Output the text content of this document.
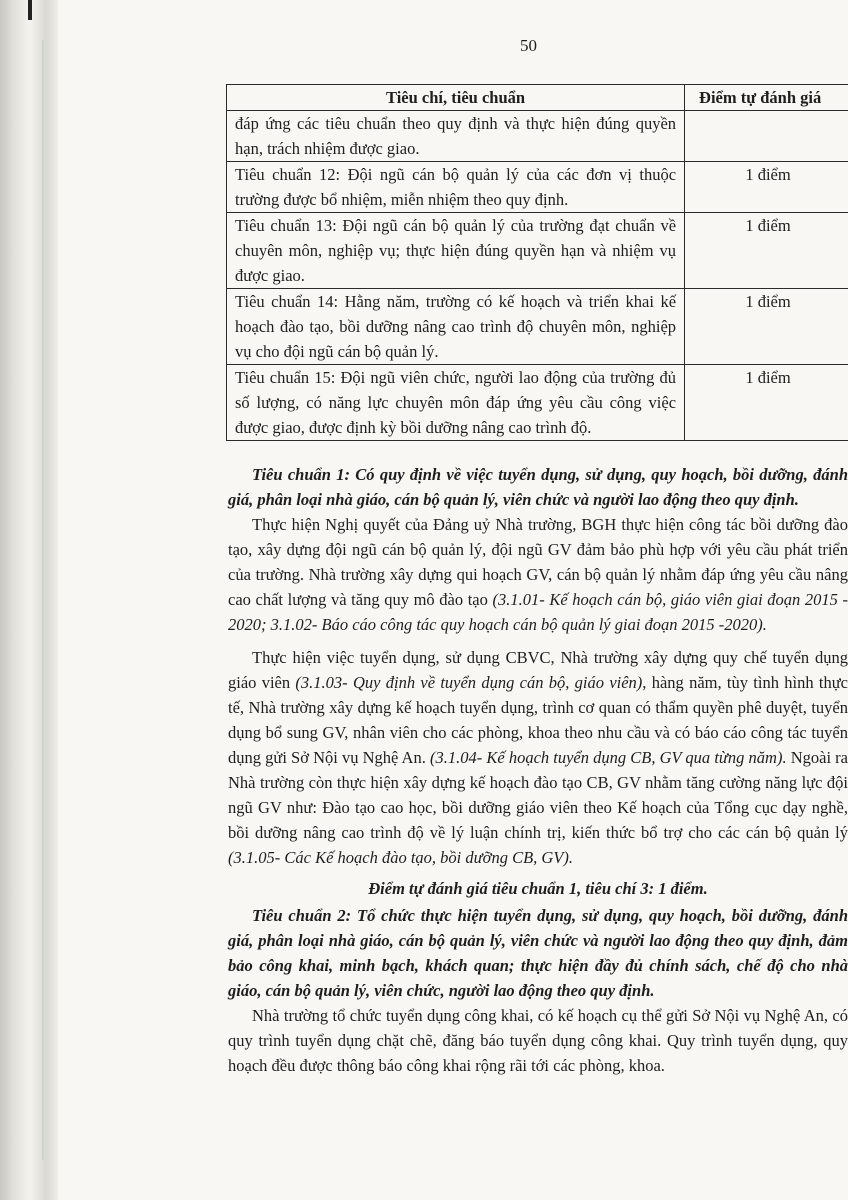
50
Tiêu chí, tiêu chuẩn	Điểm tự đánh giá
đáp ứng các tiêu chuẩn theo quy định và thực hiện đúng quyền hạn, trách nhiệm được giao.	
Tiêu chuẩn 12: Đội ngũ cán bộ quản lý của các đơn vị thuộc trường được bổ nhiệm, miễn nhiệm theo quy định.	1 điểm
Tiêu chuẩn 13: Đội ngũ cán bộ quản lý của trường đạt chuẩn về chuyên môn, nghiệp vụ; thực hiện đúng quyền hạn và nhiệm vụ được giao.	1 điểm
Tiêu chuẩn 14: Hằng năm, trường có kế hoạch và triển khai kế hoạch đào tạo, bồi dưỡng nâng cao trình độ chuyên môn, nghiệp vụ cho đội ngũ cán bộ quản lý.	1 điểm
Tiêu chuẩn 15: Đội ngũ viên chức, người lao động của trường đủ số lượng, có năng lực chuyên môn đáp ứng yêu cầu công việc được giao, được định kỳ bồi dưỡng nâng cao trình độ.	1 điểm

Tiêu chuẩn 1: Có quy định về việc tuyển dụng, sử dụng, quy hoạch, bồi dưỡng, đánh giá, phân loại nhà giáo, cán bộ quản lý, viên chức và người lao động theo quy định.

Thực hiện Nghị quyết của Đảng uỷ Nhà trường, BGH thực hiện công tác bồi dưỡng đào tạo, xây dựng đội ngũ cán bộ quản lý, đội ngũ GV đảm bảo phù hợp với yêu cầu phát triển của trường. Nhà trường xây dựng qui hoạch GV, cán bộ quản lý nhằm đáp ứng yêu cầu nâng cao chất lượng và tăng quy mô đào tạo (3.1.01- Kế hoạch cán bộ, giáo viên giai đoạn 2015 - 2020; 3.1.02- Báo cáo công tác quy hoạch cán bộ quản lý giai đoạn 2015 -2020).

Thực hiện việc tuyển dụng, sử dụng CBVC, Nhà trường xây dựng quy chế tuyển dụng giáo viên (3.1.03- Quy định về tuyển dụng cán bộ, giáo viên), hàng năm, tùy tình hình thực tế, Nhà trường xây dựng kế hoạch tuyển dụng, trình cơ quan có thẩm quyền phê duyệt, tuyển dụng bổ sung GV, nhân viên cho các phòng, khoa theo nhu cầu và có báo cáo công tác tuyển dụng gửi Sở Nội vụ Nghệ An. (3.1.04- Kế hoạch tuyển dụng CB, GV qua từng năm). Ngoài ra Nhà trường còn thực hiện xây dựng kế hoạch đào tạo CB, GV nhằm tăng cường năng lực đội ngũ GV như: Đào tạo cao học, bồi dưỡng giáo viên theo Kế hoạch của Tổng cục dạy nghề, bồi dưỡng nâng cao trình độ về lý luận chính trị, kiến thức bổ trợ cho các cán bộ quản lý (3.1.05- Các Kế hoạch đào tạo, bồi dưỡng CB, GV).

Điểm tự đánh giá tiêu chuẩn 1, tiêu chí 3: 1 điểm.

Tiêu chuẩn 2: Tổ chức thực hiện tuyển dụng, sử dụng, quy hoạch, bồi dưỡng, đánh giá, phân loại nhà giáo, cán bộ quản lý, viên chức và người lao động theo quy định, đảm bảo công khai, minh bạch, khách quan; thực hiện đầy đủ chính sách, chế độ cho nhà giáo, cán bộ quản lý, viên chức, người lao động theo quy định.

Nhà trường tổ chức tuyển dụng công khai, có kế hoạch cụ thể gửi Sở Nội vụ Nghệ An, có quy trình tuyển dụng chặt chẽ, đăng báo tuyển dụng công khai. Quy trình tuyển dụng, quy hoạch đều được thông báo công khai rộng rãi tới các phòng, khoa.
